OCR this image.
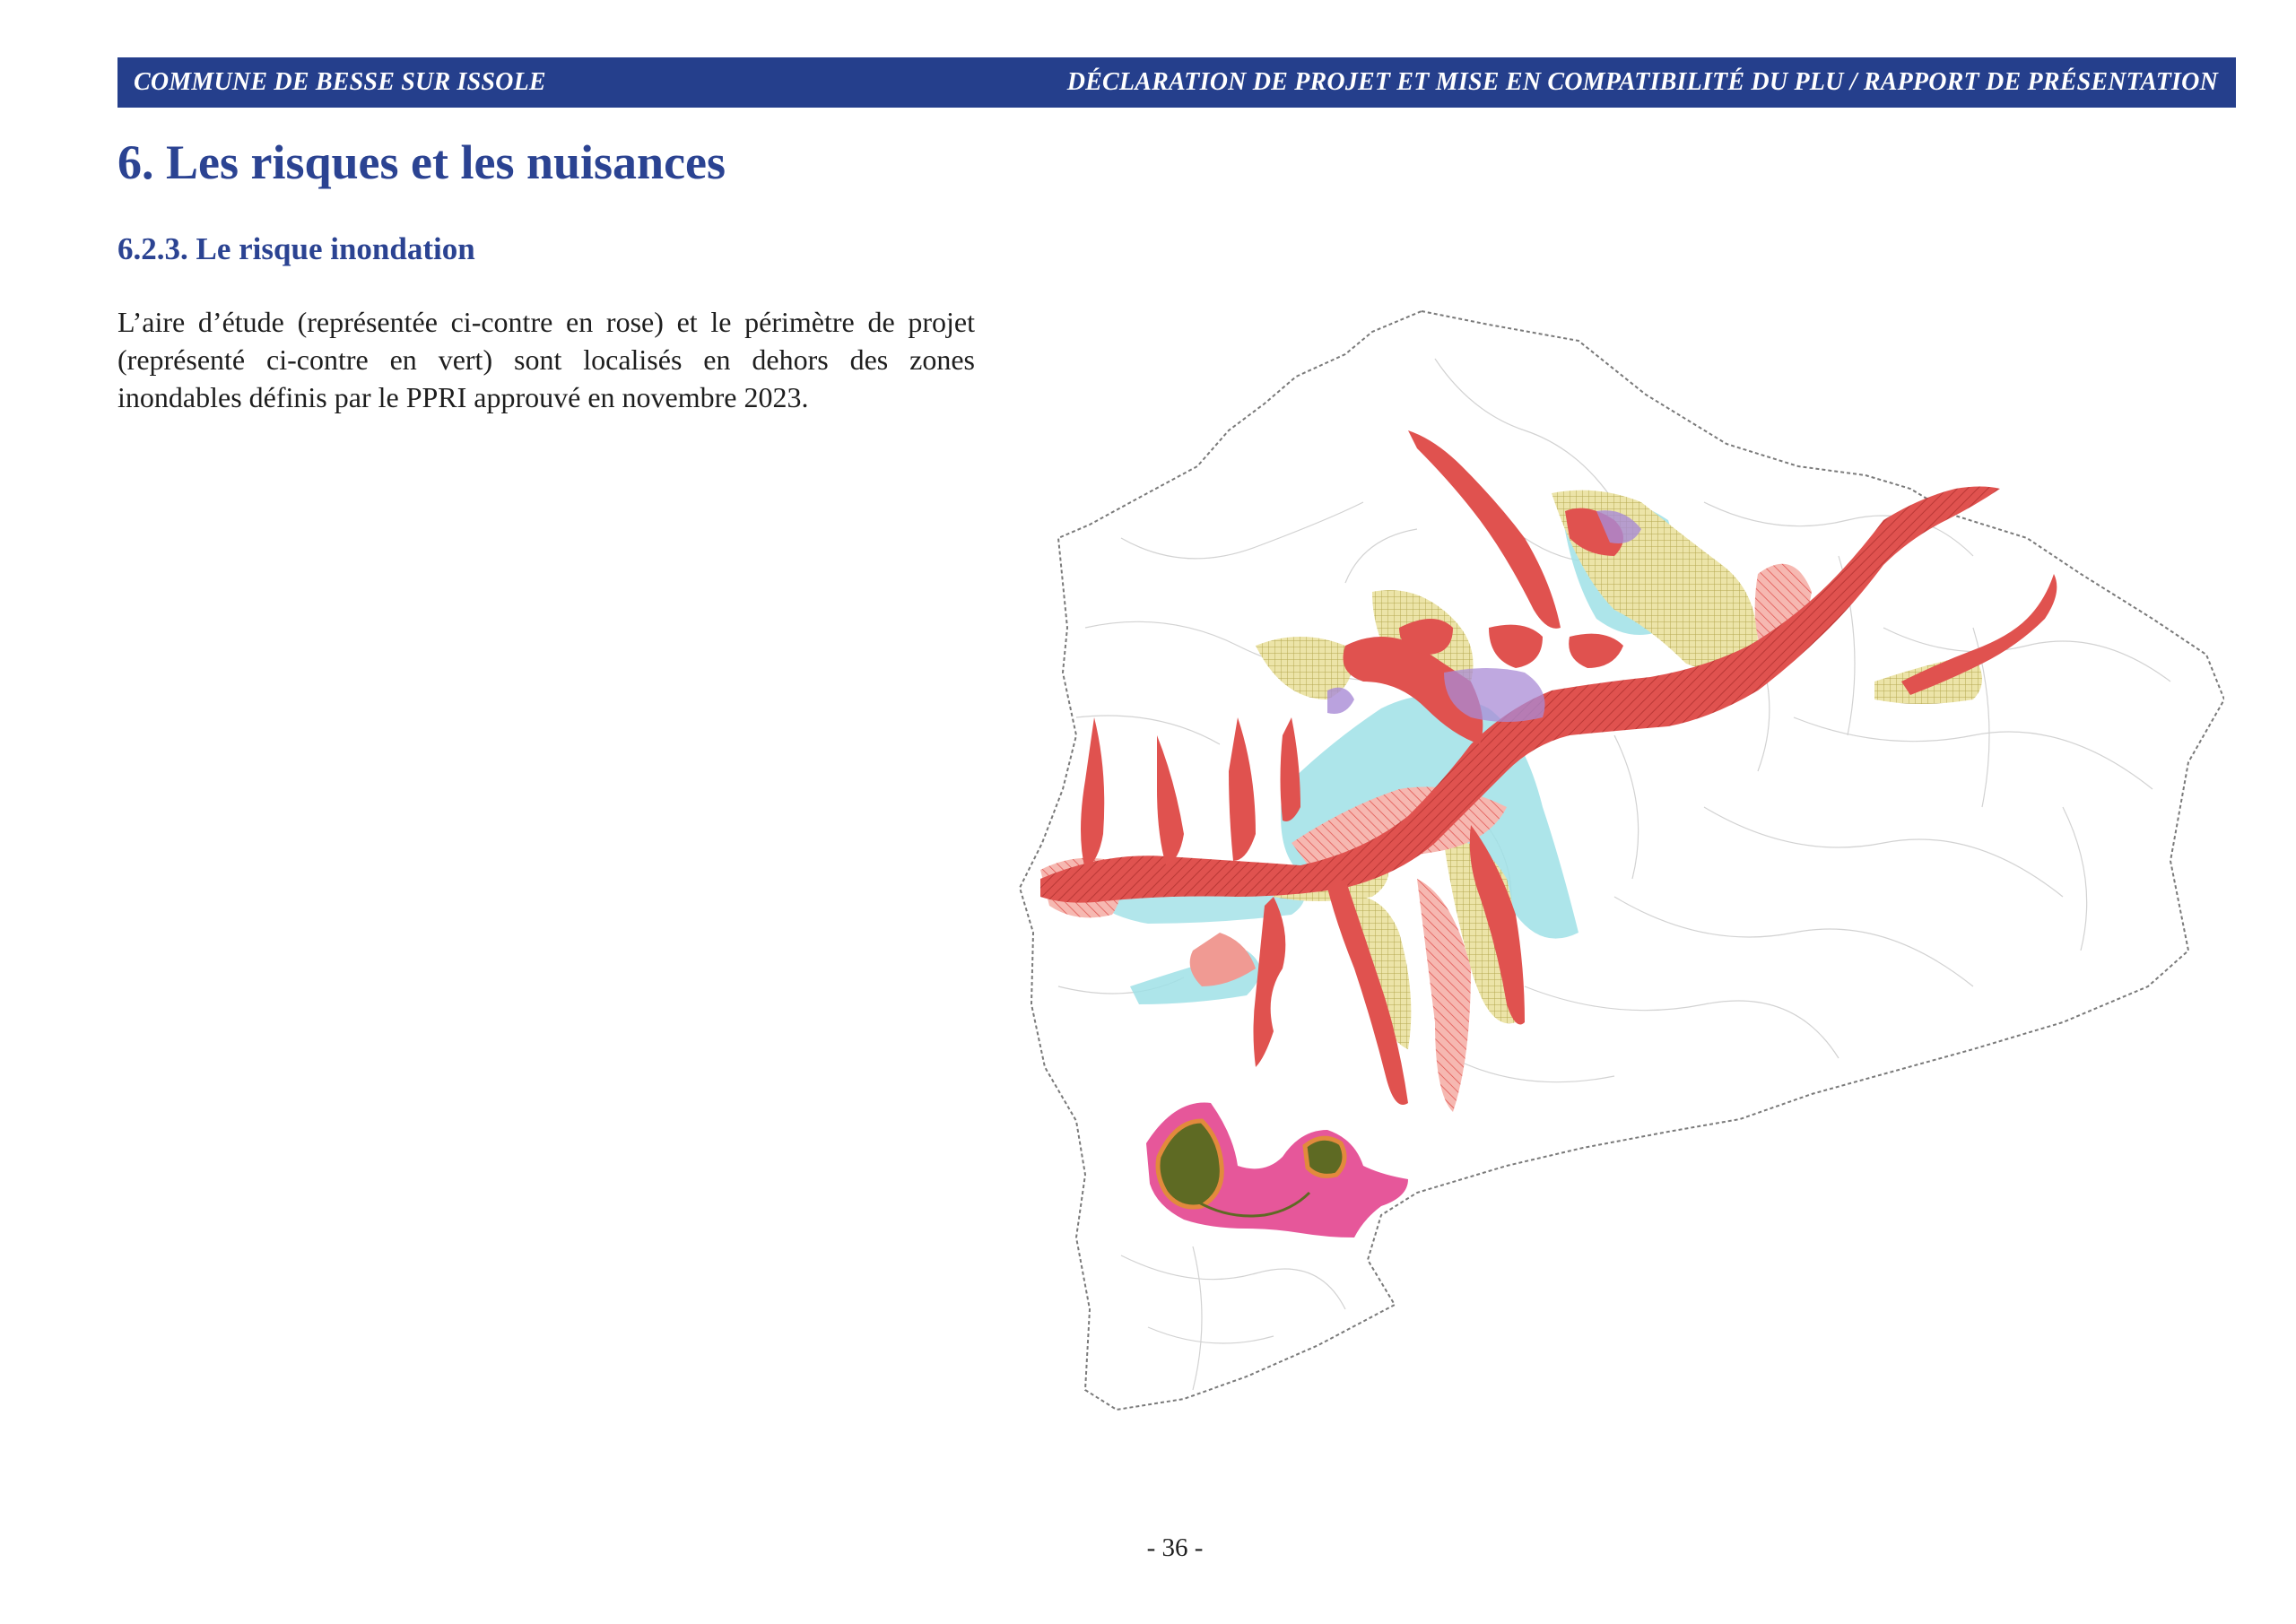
COMMUNE DE BESSE SUR ISSOLE	DÉCLARATION DE PROJET ET MISE EN COMPATIBILITÉ DU PLU / RAPPORT DE PRÉSENTATION
6. Les risques et les nuisances
6.2.3. Le risque inondation

L’aire d’étude (représentée ci-contre en rose) et le périmètre de projet (représenté ci-contre en vert) sont localisés en dehors des zones inondables définis par le PPRI approuvé en novembre 2023.

- 36 -
